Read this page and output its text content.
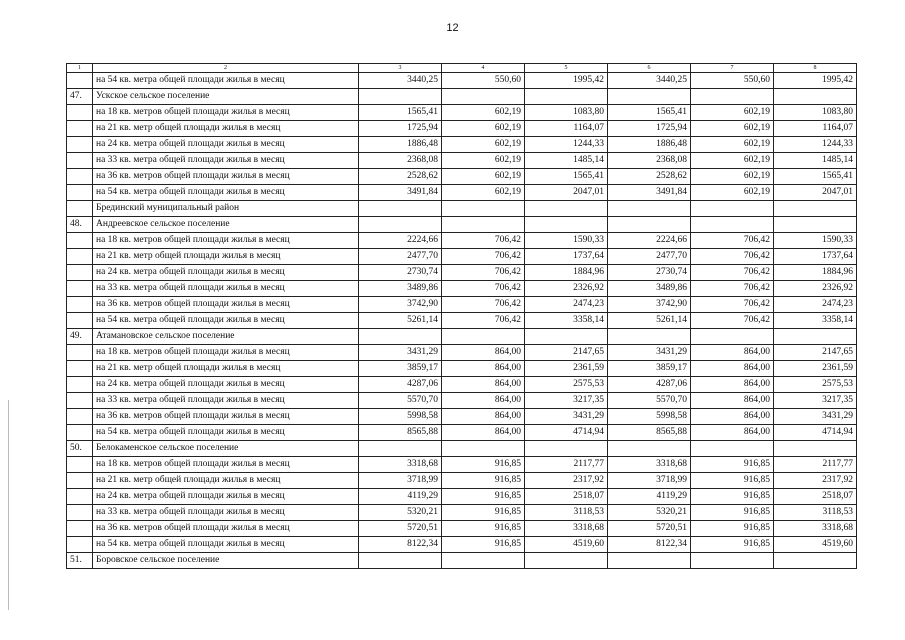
12
1	2	3	4	5	6	7	8
	на 54 кв. метра общей площади жилья в месяц	3440,25	550,60	1995,42	3440,25	550,60	1995,42
47.	Ускское сельское поселение						
	на 18 кв. метров общей площади жилья в месяц	1565,41	602,19	1083,80	1565,41	602,19	1083,80
	на 21 кв. метр общей площади жилья в месяц	1725,94	602,19	1164,07	1725,94	602,19	1164,07
	на 24 кв. метра общей площади жилья в месяц	1886,48	602,19	1244,33	1886,48	602,19	1244,33
	на 33 кв. метра общей площади жилья в месяц	2368,08	602,19	1485,14	2368,08	602,19	1485,14
	на 36 кв. метров общей площади жилья в месяц	2528,62	602,19	1565,41	2528,62	602,19	1565,41
	на 54 кв. метра общей площади жилья в месяц	3491,84	602,19	2047,01	3491,84	602,19	2047,01
	Брединский муниципальный район						
48.	Андреевское сельское поселение						
	на 18 кв. метров общей площади жилья в месяц	2224,66	706,42	1590,33	2224,66	706,42	1590,33
	на 21 кв. метр общей площади жилья в месяц	2477,70	706,42	1737,64	2477,70	706,42	1737,64
	на 24 кв. метра общей площади жилья в месяц	2730,74	706,42	1884,96	2730,74	706,42	1884,96
	на 33 кв. метра общей площади жилья в месяц	3489,86	706,42	2326,92	3489,86	706,42	2326,92
	на 36 кв. метров общей площади жилья в месяц	3742,90	706,42	2474,23	3742,90	706,42	2474,23
	на 54 кв. метра общей площади жилья в месяц	5261,14	706,42	3358,14	5261,14	706,42	3358,14
49.	Атамановское сельское поселение						
	на 18 кв. метров общей площади жилья в месяц	3431,29	864,00	2147,65	3431,29	864,00	2147,65
	на 21 кв. метр общей площади жилья в месяц	3859,17	864,00	2361,59	3859,17	864,00	2361,59
	на 24 кв. метра общей площади жилья в месяц	4287,06	864,00	2575,53	4287,06	864,00	2575,53
	на 33 кв. метра общей площади жилья в месяц	5570,70	864,00	3217,35	5570,70	864,00	3217,35
	на 36 кв. метров общей площади жилья в месяц	5998,58	864,00	3431,29	5998,58	864,00	3431,29
	на 54 кв. метра общей площади жилья в месяц	8565,88	864,00	4714,94	8565,88	864,00	4714,94
50.	Белокаменское сельское поселение						
	на 18 кв. метров общей площади жилья в месяц	3318,68	916,85	2117,77	3318,68	916,85	2117,77
	на 21 кв. метр общей площади жилья в месяц	3718,99	916,85	2317,92	3718,99	916,85	2317,92
	на 24 кв. метра общей площади жилья в месяц	4119,29	916,85	2518,07	4119,29	916,85	2518,07
	на 33 кв. метра общей площади жилья в месяц	5320,21	916,85	3118,53	5320,21	916,85	3118,53
	на 36 кв. метров общей площади жилья в месяц	5720,51	916,85	3318,68	5720,51	916,85	3318,68
	на 54 кв. метра общей площади жилья в месяц	8122,34	916,85	4519,60	8122,34	916,85	4519,60
51.	Боровское сельское поселение						
